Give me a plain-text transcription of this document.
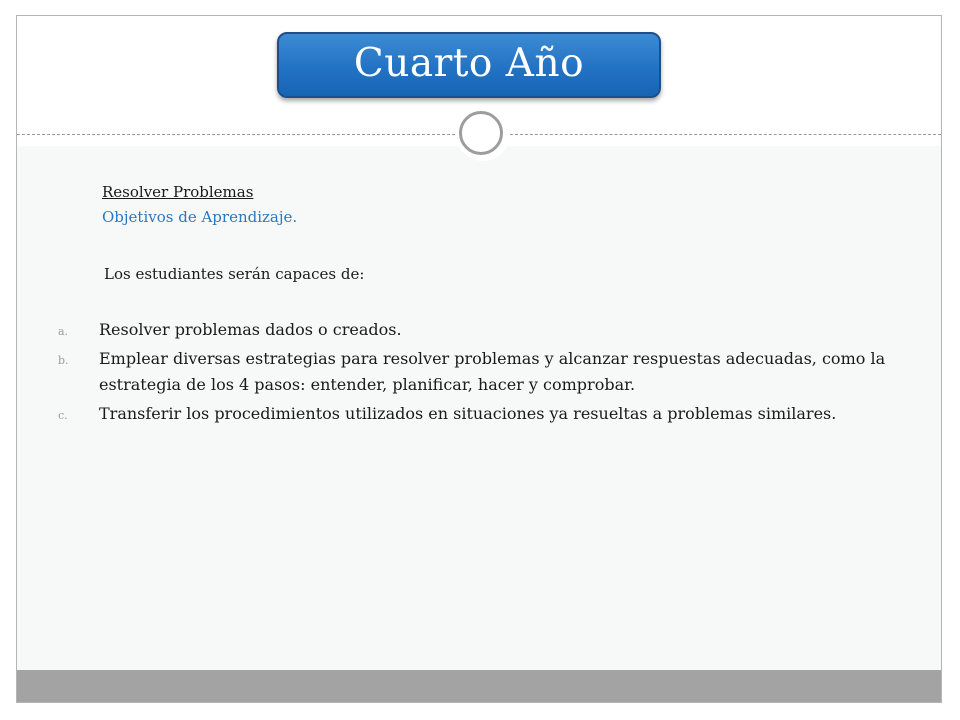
Cuarto Año
Resolver Problemas
Objetivos de Aprendizaje.
Los estudiantes serán capaces de:
a. Resolver problemas dados o creados.
b. Emplear diversas estrategias para resolver problemas y alcanzar respuestas adecuadas, como la estrategia de los 4 pasos: entender, planificar, hacer y comprobar.
c. Transferir los procedimientos utilizados en situaciones ya resueltas a problemas similares.
